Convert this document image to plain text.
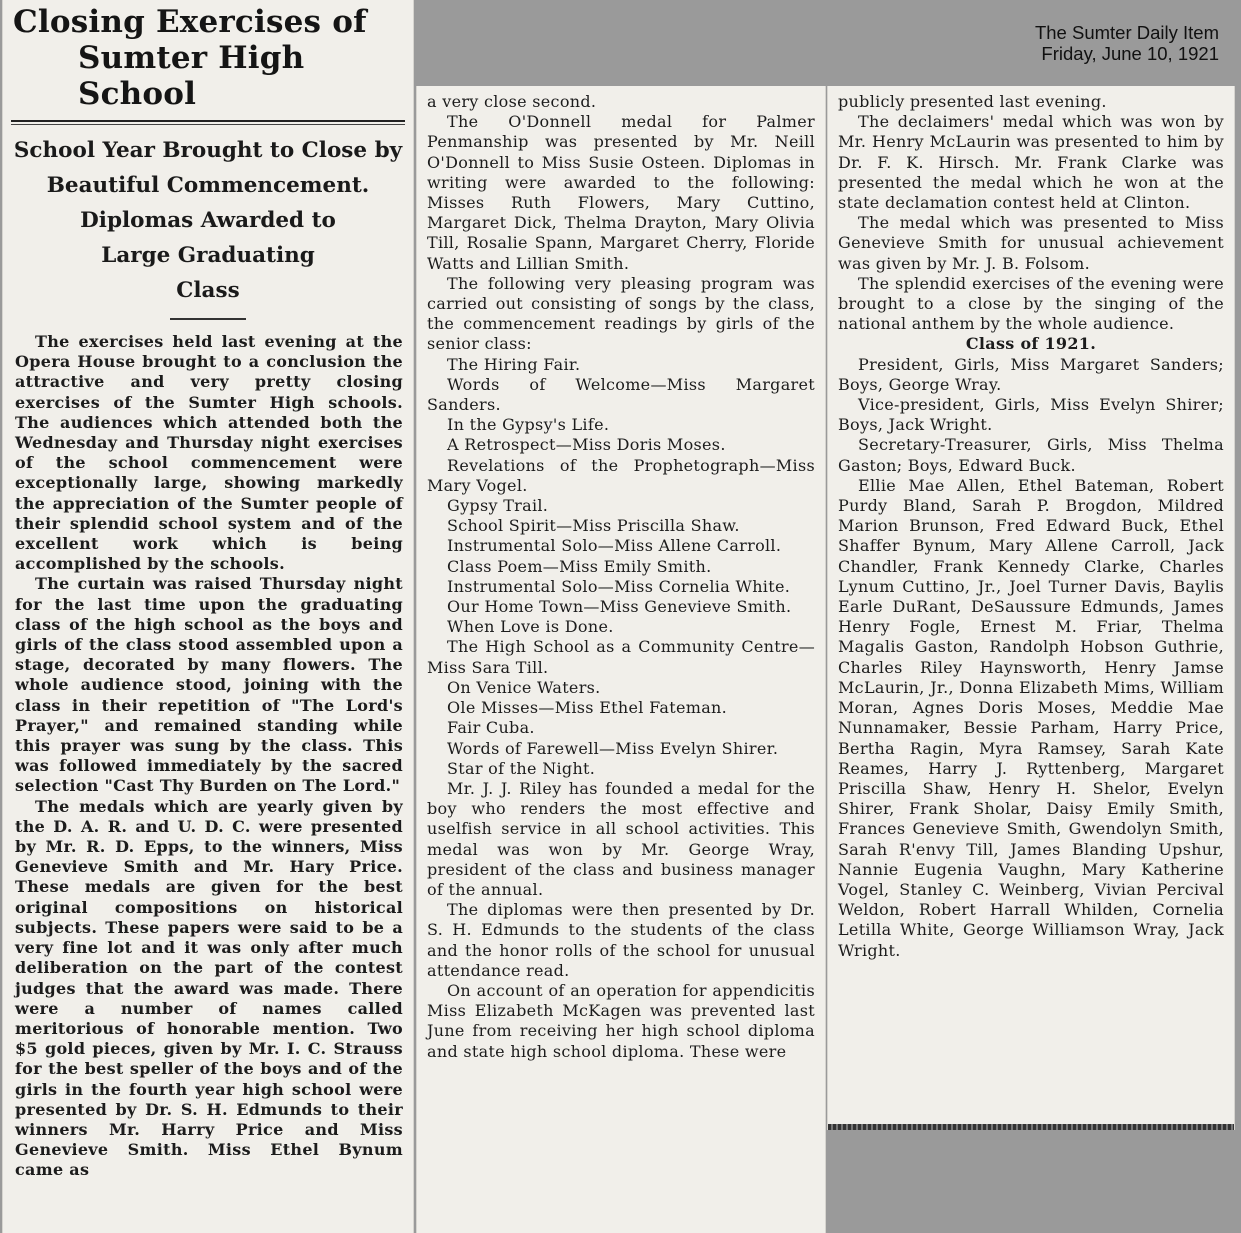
The Sumter Daily Item
Friday, June 10, 1921
Closing Exercises of
Sumter High School
School Year Brought to Close by
Beautiful Commencement.
Diplomas Awarded to
Large Graduating
Class

The exercises held last evening at the Opera House brought to a conclusion the attractive and very pretty closing exercises of the Sumter High schools. The audiences which attended both the Wednesday and Thursday night exercises of the school commencement were exceptionally large, showing markedly the appreciation of the Sumter people of their splendid school system and of the excellent work which is being accomplished by the schools.

The curtain was raised Thursday night for the last time upon the graduating class of the high school as the boys and girls of the class stood assembled upon a stage, decorated by many flowers. The whole audience stood, joining with the class in their repetition of "The Lord's Prayer," and remained standing while this prayer was sung by the class. This was followed immediately by the sacred selection "Cast Thy Burden on The Lord."

The medals which are yearly given by the D. A. R. and U. D. C. were presented by Mr. R. D. Epps, to the winners, Miss Genevieve Smith and Mr. Hary Price. These medals are given for the best original compositions on historical subjects. These papers were said to be a very fine lot and it was only after much deliberation on the part of the contest judges that the award was made. There were a number of names called meritorious of honorable mention. Two $5 gold pieces, given by Mr. I. C. Strauss for the best speller of the boys and of the girls in the fourth year high school were presented by Dr. S. H. Edmunds to their winners Mr. Harry Price and Miss Genevieve Smith. Miss Ethel Bynum came as

a very close second.

The O'Donnell medal for Palmer Penmanship was presented by Mr. Neill O'Donnell to Miss Susie Osteen. Diplomas in writing were awarded to the following: Misses Ruth Flowers, Mary Cuttino, Margaret Dick, Thelma Drayton, Mary Olivia Till, Rosalie Spann, Margaret Cherry, Floride Watts and Lillian Smith.

The following very pleasing program was carried out consisting of songs by the class, the commencement readings by girls of the senior class:

The Hiring Fair.

Words of Welcome—Miss Margaret Sanders.

In the Gypsy's Life.

A Retrospect—Miss Doris Moses.

Revelations of the Prophetograph—Miss Mary Vogel.

Gypsy Trail.

School Spirit—Miss Priscilla Shaw.

Instrumental Solo—Miss Allene Carroll.

Class Poem—Miss Emily Smith.

Instrumental Solo—Miss Cornelia White.

Our Home Town—Miss Genevieve Smith.

When Love is Done.

The High School as a Community Centre—Miss Sara Till.

On Venice Waters.

Ole Misses—Miss Ethel Fateman.

Fair Cuba.

Words of Farewell—Miss Evelyn Shirer.

Star of the Night.

Mr. J. J. Riley has founded a medal for the boy who renders the most effective and uselfish service in all school activities. This medal was won by Mr. George Wray, president of the class and business manager of the annual.

The diplomas were then presented by Dr. S. H. Edmunds to the students of the class and the honor rolls of the school for unusual attendance read.

On account of an operation for appendicitis Miss Elizabeth McKagen was prevented last June from receiving her high school diploma and state high school diploma. These were

publicly presented last evening.

The declaimers' medal which was won by Mr. Henry McLaurin was presented to him by Dr. F. K. Hirsch. Mr. Frank Clarke was presented the medal which he won at the state declamation contest held at Clinton.

The medal which was presented to Miss Genevieve Smith for unusual achievement was given by Mr. J. B. Folsom.

The splendid exercises of the evening were brought to a close by the singing of the national anthem by the whole audience.

Class of 1921.

President, Girls, Miss Margaret Sanders; Boys, George Wray.

Vice-president, Girls, Miss Evelyn Shirer; Boys, Jack Wright.

Secretary-Treasurer, Girls, Miss Thelma Gaston; Boys, Edward Buck.

Ellie Mae Allen, Ethel Bateman, Robert Purdy Bland, Sarah P. Brogdon, Mildred Marion Brunson, Fred Edward Buck, Ethel Shaffer Bynum, Mary Allene Carroll, Jack Chandler, Frank Kennedy Clarke, Charles Lynum Cuttino, Jr., Joel Turner Davis, Baylis Earle DuRant, DeSaussure Edmunds, James Henry Fogle, Ernest M. Friar, Thelma Magalis Gaston, Randolph Hobson Guthrie, Charles Riley Haynsworth, Henry Jamse McLaurin, Jr., Donna Elizabeth Mims, William Moran, Agnes Doris Moses, Meddie Mae Nunnamaker, Bessie Parham, Harry Price, Bertha Ragin, Myra Ramsey, Sarah Kate Reames, Harry J. Ryttenberg, Margaret Priscilla Shaw, Henry H. Shelor, Evelyn Shirer, Frank Sholar, Daisy Emily Smith, Frances Genevieve Smith, Gwendolyn Smith, Sarah R'envy Till, James Blanding Upshur, Nannie Eugenia Vaughn, Mary Katherine Vogel, Stanley C. Weinberg, Vivian Percival Weldon, Robert Harrall Whilden, Cornelia Letilla White, George Williamson Wray, Jack Wright.
